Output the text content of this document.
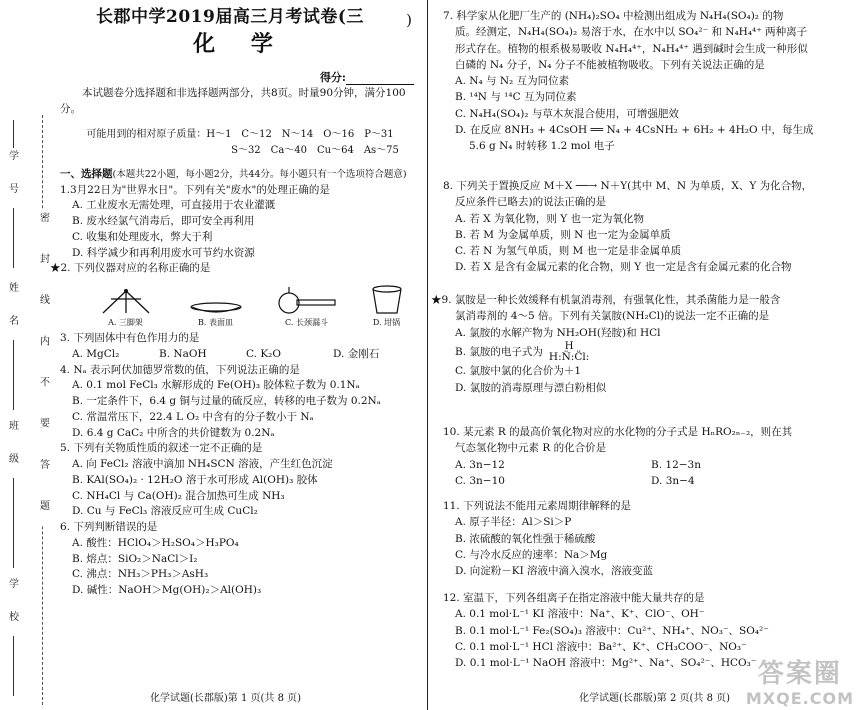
学 号
姓 名
班 级
学 校
密 封 线 内 不 要 答 题
长郡中学2019届高三月考试卷(三	)
化 学
得分:
本试题卷分选择题和非选择题两部分，共8页。时量90分钟，满分100分。
可能用到的相对原子质量：H～1　C～12　N～14　O～16　P～31
S～32　Ca～40　Cu～64　As～75
一、选择题(本题共22小题，每小题2分，共44分。每小题只有一个选项符合题意)
1.3月22日为"世界水日"。下列有关"废水"的处理正确的是
A. 工业废水无需处理，可直接用于农业灌溉
B. 废水经氯气消毒后，即可安全再利用
C. 收集和处理废水，弊大于利
D. 科学减少和再利用废水可节约水资源
★2. 下列仪器对应的名称正确的是
A. 三脚架	B. 表面皿	C. 长颈漏斗	D. 坩锅
3. 下列固体中有色作用力的是
A. MgCl₂	B. NaOH	C. K₂O	D. 金刚石
4. Nₐ 表示阿伏加德罗常数的值，下列说法正确的是
A. 0.1 mol FeCl₃ 水解形成的 Fe(OH)₃ 胶体粒子数为 0.1Nₐ
B. 一定条件下，6.4 g 铜与过量的硫反应，转移的电子数为 0.2Nₐ
C. 常温常压下，22.4 L O₂ 中含有的分子数小于 Nₐ
D. 6.4 g CaC₂ 中所含的共价键数为 0.2Nₐ
5. 下列有关物质性质的叙述一定不正确的是
A. 向 FeCl₂ 溶液中滴加 NH₄SCN 溶液，产生红色沉淀
B. KAl(SO₄)₂ · 12H₂O 溶于水可形成 Al(OH)₃ 胶体
C. NH₄Cl 与 Ca(OH)₂ 混合加热可生成 NH₃
D. Cu 与 FeCl₃ 溶液反应可生成 CuCl₂
6. 下列判断错误的是
A. 酸性：HClO₄＞H₂SO₄＞H₃PO₄
B. 熔点：SiO₂＞NaCl＞I₂
C. 沸点：NH₃＞PH₃＞AsH₃
D. 碱性：NaOH＞Mg(OH)₂＞Al(OH)₃
化学试题(长郡版)第 1 页(共 8 页)
7. 科学家从化肥厂生产的 (NH₄)₂SO₄ 中检测出组成为 N₄H₄(SO₄)₂ 的物
质。经测定，N₄H₄(SO₄)₂ 易溶于水，在水中以 SO₄²⁻ 和 N₄H₄⁴⁺ 两种离子
形式存在。植物的根系极易吸收 N₄H₄⁴⁺，N₄H₄⁴⁺ 遇到碱时会生成一种形似
白磷的 N₄ 分子，N₄ 分子不能被植物吸收。下列有关说法正确的是
A. N₄ 与 N₂ 互为同位素
B. ¹⁴N 与 ¹⁴C 互为同位素
C. N₄H₄(SO₄)₂ 与草木灰混合使用，可增强肥效
D. 在反应 8NH₃ + 4CsOH ══ N₄ + 4CsNH₂ + 6H₂ + 4H₂O 中，每生成
5.6 g N₄ 时转移 1.2 mol 电子
8. 下列关于置换反应 M＋X ──→ N＋Y(其中 M、N 为单质，X、Y 为化合物，
反应条件已略去)的说法正确的是
A. 若 X 为氧化物，则 Y 也一定为氧化物
B. 若 M 为金属单质，则 N 也一定为金属单质
C. 若 N 为氢气单质，则 M 也一定是非金属单质
D. 若 X 是含有金属元素的化合物，则 Y 也一定是含有金属元素的化合物
★9. 氯胺是一种长效缓释有机氯消毒剂，有强氧化性，其杀菌能力是一般含
氯消毒剂的 4～5 倍。下列有关氯胺(NH₂Cl)的说法一定不正确的是
A. 氯胺的水解产物为 NH₂OH(羟胺)和 HCl
B. 氯胺的电子式为	H
H:N̈:C̈l:
C. 氯胺中氯的化合价为＋1
D. 氯胺的消毒原理与漂白粉相似
10. 某元素 R 的最高价氧化物对应的水化物的分子式是 HₙRO₂ₙ₋₂，则在其
气态氢化物中元素 R 的化合价是
A. 3n−12	B. 12−3n
C. 3n−10	D. 3n−4
11. 下列说法不能用元素周期律解释的是
A. 原子半径：Al＞Si＞P
B. 浓硫酸的氧化性强于稀硫酸
C. 与冷水反应的速率：Na＞Mg
D. 向淀粉－KI 溶液中滴入溴水，溶液变蓝
12. 室温下，下列各组离子在指定溶液中能大量共存的是
A. 0.1 mol·L⁻¹ KI 溶液中：Na⁺、K⁺、ClO⁻、OH⁻
B. 0.1 mol·L⁻¹ Fe₂(SO₄)₃ 溶液中：Cu²⁺、NH₄⁺、NO₃⁻、SO₄²⁻
C. 0.1 mol·L⁻¹ HCl 溶液中：Ba²⁺、K⁺、CH₃COO⁻、NO₃⁻
D. 0.1 mol·L⁻¹ NaOH 溶液中：Mg²⁺、Na⁺、SO₄²⁻、HCO₃⁻
化学试题(长郡版)第 2 页(共 8 页)
答案圈
MXQE.COM
